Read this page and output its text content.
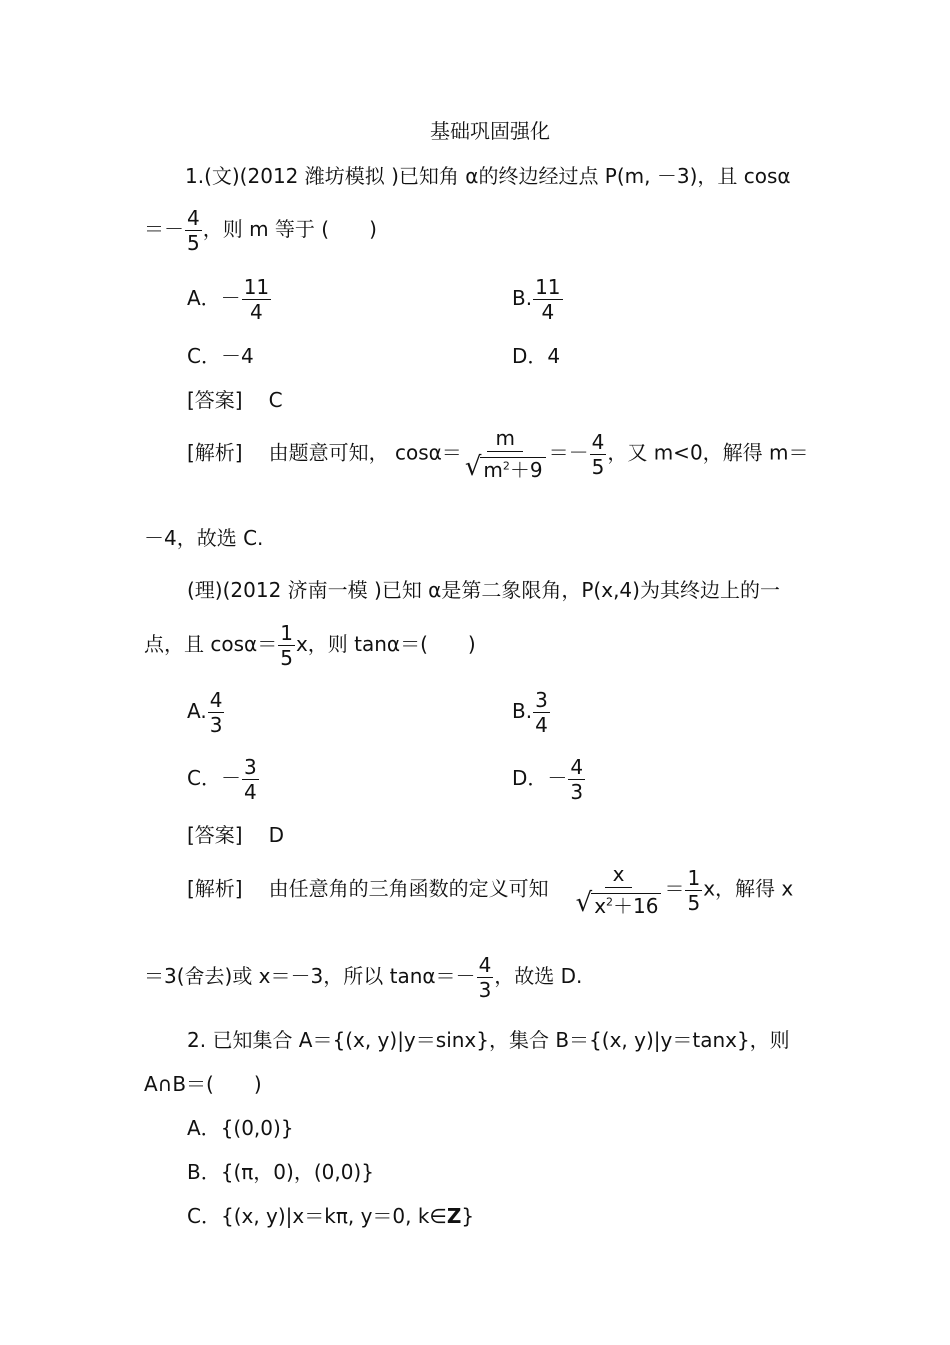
基础巩固强化
1.(文)(2012 潍坊模拟 )已知角 α的终边经过点 P(m, －3)，且 cosα
＝－ $\frac{4}{5}$ ，则 m 等于 (　　)
A．－ $\frac{11}{4}$	B. $\frac{11}{4}$
C．－4	D．4
[答案] C
[解析] 由题意可知， $\cos\alpha= \frac{m}{√ m^2+9} =- \frac{4}{5}$ ，又 m<0，解得 m＝
－4，故选 C.
(理)(2012 济南一模 )已知 α是第二象限角，P(x,4)为其终边上的一
点，且 $\cos\alpha= \frac{1}{5}$ x，则 tanα＝(　　)
A. $\frac{4}{3}$	B. $\frac{3}{4}$
C．－ $\frac{3}{4}$	D．－ $\frac{4}{3}$
[答案] D
[解析] 由任意角的三角函数的定义可知 $\frac{x}{√ x^2+16} = \frac{1}{5}$ x，解得 x
＝3(舍去)或 x＝－3，所以 $\tan\alpha=- \frac{4}{3}$ ，故选 D.
2. 已知集合 A＝{(x, y)|y＝sinx}，集合 B＝{(x, y)|y＝tanx}，则
A∩B＝(　　)
A．{(0,0)}
B．{(π，0)，(0,0)}
C．{(x, y)|x＝kπ, y＝0, k∈Z}
